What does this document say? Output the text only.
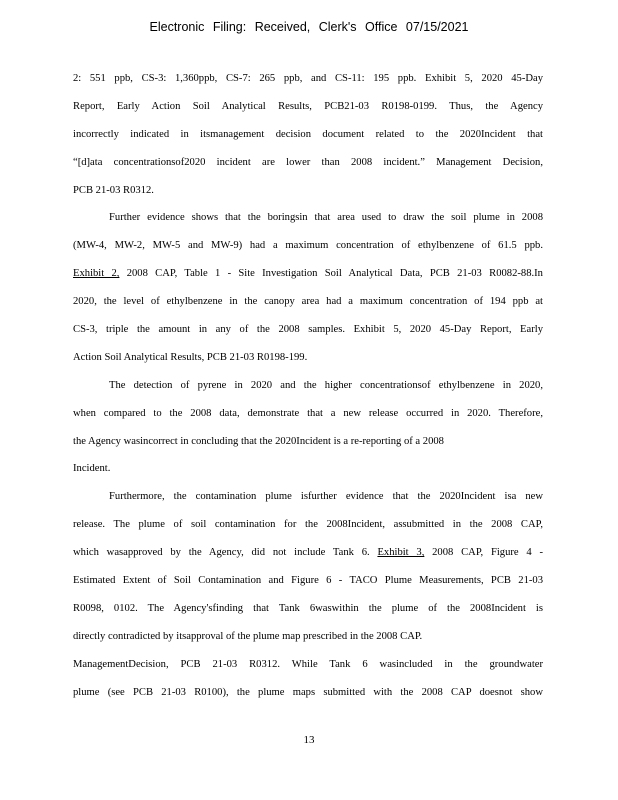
Electronic Filing: Received, Clerk's Office 07/15/2021
2: 551 ppb, CS-3: 1,360ppb, CS-7: 265 ppb, and CS-11: 195 ppb. Exhibit 5, 2020 45-Day
Report, Early Action Soil Analytical Results, PCB21-03 R0198-0199. Thus, the Agency
incorrectly indicated in itsmanagement decision document related to the 2020Incident that
“[d]ata concentrationsof2020 incident are lower than 2008 incident.” Management Decision,
PCB 21-03 R0312.
Further evidence shows that the boringsin that area used to draw the soil plume in 2008
(MW-4, MW-2, MW-5 and MW-9) had a maximum concentration of ethylbenzene of 61.5 ppb.
Exhibit 2, 2008 CAP, Table 1 - Site Investigation Soil Analytical Data, PCB 21-03 R0082-88.In
2020, the level of ethylbenzene in the canopy area had a maximum concentration of 194 ppb at
CS-3, triple the amount in any of the 2008 samples. Exhibit 5, 2020 45-Day Report, Early
Action Soil Analytical Results, PCB 21-03 R0198-199.
The detection of pyrene in 2020 and the higher concentrationsof ethylbenzene in 2020,
when compared to the 2008 data, demonstrate that a new release occurred in 2020. Therefore,
the Agency wasincorrect in concluding that the 2020Incident is a re-reporting of a 2008
Incident.
Furthermore, the contamination plume isfurther evidence that the 2020Incident isa new
release. The plume of soil contamination for the 2008Incident, assubmitted in the 2008 CAP,
which wasapproved by the Agency, did not include Tank 6. Exhibit 3, 2008 CAP, Figure 4 -
Estimated Extent of Soil Contamination and Figure 6 - TACO Plume Measurements, PCB 21-03
R0098, 0102. The Agency'sfinding that Tank 6waswithin the plume of the 2008Incident is
directly contradicted by itsapproval of the plume map prescribed in the 2008 CAP.
ManagementDecision, PCB 21-03 R0312. While Tank 6 wasincluded in the groundwater
plume (see PCB 21-03 R0100), the plume maps submitted with the 2008 CAP doesnot show
13
